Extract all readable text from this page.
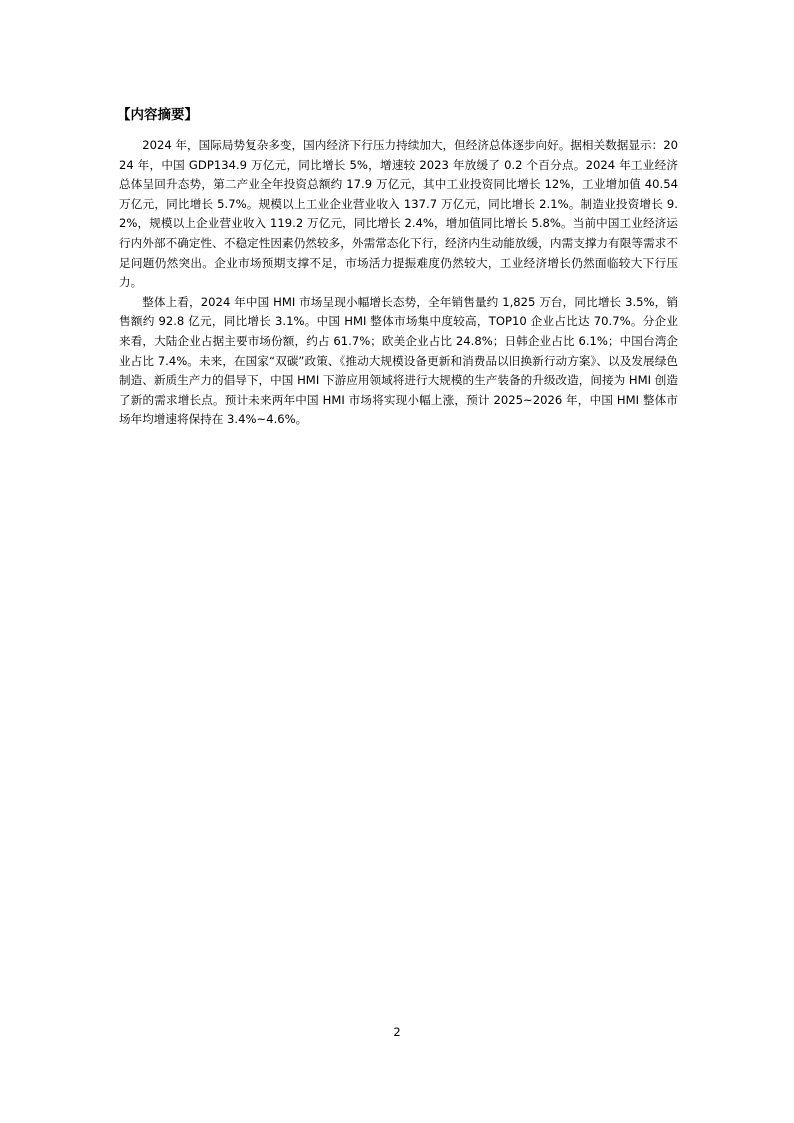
【内容摘要】

2024 年，国际局势复杂多变，国内经济下行压力持续加大，但经济总体逐步向好。据相关数据显示：2024 年，中国 GDP134.9 万亿元，同比增长 5%，增速较 2023 年放缓了 0.2 个百分点。2024 年工业经济总体呈回升态势，第二产业全年投资总额约 17.9 万亿元，其中工业投资同比增长 12%，工业增加值 40.54 万亿元，同比增长 5.7%。规模以上工业企业营业收入 137.7 万亿元，同比增长 2.1%。制造业投资增长 9.2%，规模以上企业营业收入 119.2 万亿元，同比增长 2.4%，增加值同比增长 5.8%。当前中国工业经济运行内外部不确定性、不稳定性因素仍然较多，外需常态化下行，经济内生动能放缓，内需支撑力有限等需求不足问题仍然突出。企业市场预期支撑不足，市场活力提振难度仍然较大，工业经济增长仍然面临较大下行压力。

整体上看，2024 年中国 HMI 市场呈现小幅增长态势，全年销售量约 1,825 万台，同比增长 3.5%，销售额约 92.8 亿元，同比增长 3.1%。中国 HMI 整体市场集中度较高，TOP10 企业占比达 70.7%。分企业来看，大陆企业占据主要市场份额，约占 61.7%；欧美企业占比 24.8%；日韩企业占比 6.1%；中国台湾企业占比 7.4%。未来，在国家“双碳”政策、《推动大规模设备更新和消费品以旧换新行动方案》、以及发展绿色制造、新质生产力的倡导下，中国 HMI 下游应用领域将进行大规模的生产装备的升级改造，间接为 HMI 创造了新的需求增长点。预计未来两年中国 HMI 市场将实现小幅上涨，预计 2025~2026 年，中国 HMI 整体市场年均增速将保持在 3.4%~4.6%。

2
